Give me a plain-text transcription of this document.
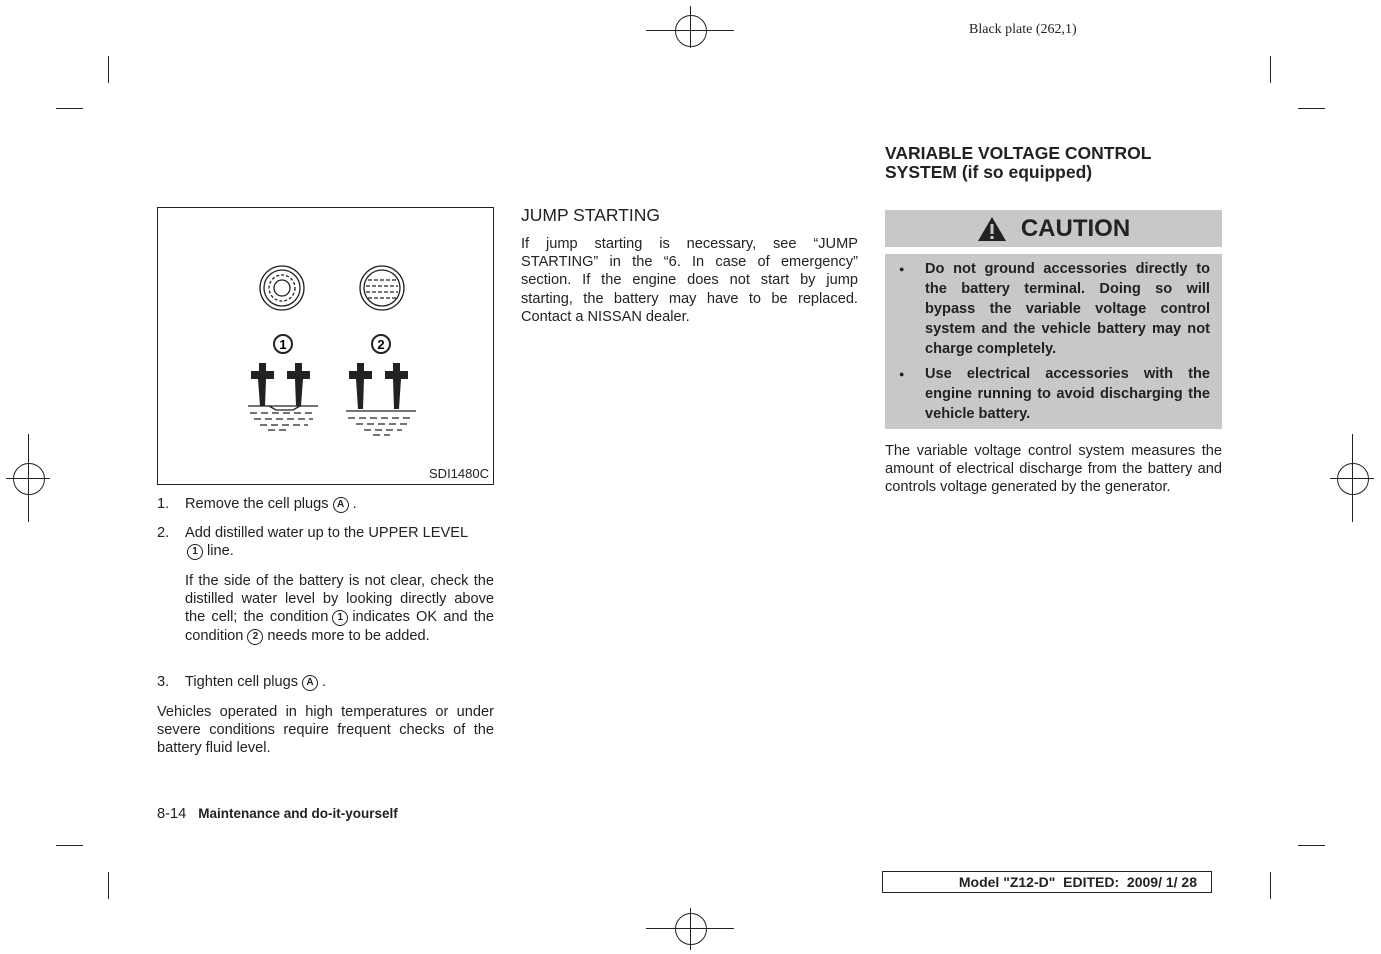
Black plate (262,1)
1	2
SDI1480C
1. Remove the cell plugs A .
2. Add distilled water up to the UPPER LEVEL
1 line.
If the side of the battery is not clear, check the distilled water level by looking directly above the cell; the condition 1 indicates OK and the condition 2 needs more to be added.
3. Tighten cell plugs A .
Vehicles operated in high temperatures or under severe conditions require frequent checks of the battery fluid level.
JUMP STARTING
If jump starting is necessary, see “JUMP STARTING” in the “6. In case of emergency” section. If the engine does not start by jump starting, the battery may have to be replaced. Contact a NISSAN dealer.
VARIABLE VOLTAGE CONTROL
SYSTEM (if so equipped)
CAUTION
● Do not ground accessories directly to the battery terminal. Doing so will bypass the variable voltage control system and the vehicle battery may not charge completely.
● Use electrical accessories with the engine running to avoid discharging the vehicle battery.
The variable voltage control system measures the amount of electrical discharge from the battery and controls voltage generated by the generator.
8-14 Maintenance and do-it-yourself
Model "Z12-D"  EDITED:  2009/ 1/ 28
